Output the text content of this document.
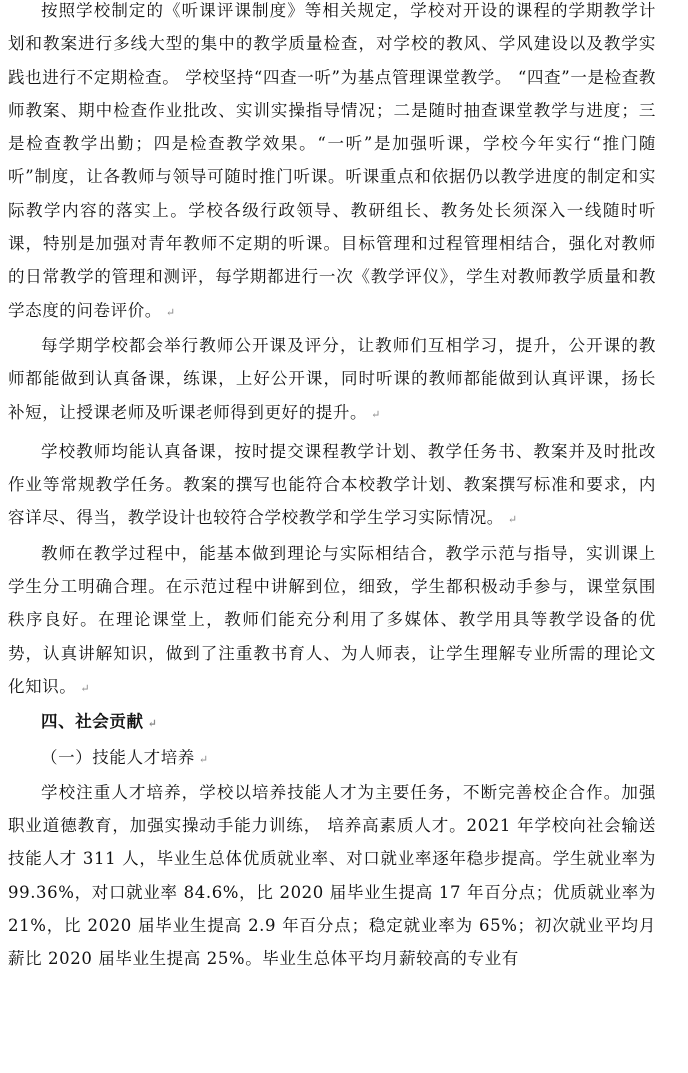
按照学校制定的《听课评课制度》等相关规定，学校对开设的课程的学期教学计划和教案进行多线大型的集中的教学质量检查，对学校的教风、学风建设以及教学实践也进行不定期检查。 学校坚持“四查一听”为基点管理课堂教学。 “四查”一是检查教师教案、期中检查作业批改、实训实操指导情况；二是随时抽查课堂教学与进度；三是检查教学出勤；四是检查教学效果。“一听”是加强听课，学校今年实行“推门随听”制度，让各教师与领导可随时推门听课。听课重点和依据仍以教学进度的制定和实际教学内容的落实上。学校各级行政领导、教研组长、教务处长须深入一线随时听课，特别是加强对青年教师不定期的听课。目标管理和过程管理相结合，强化对教师的日常教学的管理和测评，每学期都进行一次《教学评仪》，学生对教师教学质量和教学态度的问卷评价。 ↵

每学期学校都会举行教师公开课及评分，让教师们互相学习，提升，公开课的教师都能做到认真备课，练课，上好公开课，同时听课的教师都能做到认真评课，扬长补短，让授课老师及听课老师得到更好的提升。 ↵

学校教师均能认真备课，按时提交课程教学计划、教学任务书、教案并及时批改作业等常规教学任务。教案的撰写也能符合本校教学计划、教案撰写标准和要求，内容详尽、得当，教学设计也较符合学校教学和学生学习实际情况。 ↵

教师在教学过程中，能基本做到理论与实际相结合，教学示范与指导，实训课上学生分工明确合理。在示范过程中讲解到位，细致，学生都积极动手参与，课堂氛围秩序良好。在理论课堂上，教师们能充分利用了多媒体、教学用具等教学设备的优势，认真讲解知识，做到了注重教书育人、为人师表，让学生理解专业所需的理论文化知识。 ↵

四、社会贡献 ↵

（一）技能人才培养 ↵

学校注重人才培养，学校以培养技能人才为主要任务，不断完善校企合作。加强职业道德教育，加强实操动手能力训练， 培养高素质人才。2021 年学校向社会输送技能人才 311 人，毕业生总体优质就业率、对口就业率逐年稳步提高。学生就业率为 99.36%，对口就业率 84.6%，比 2020 届毕业生提高 17 年百分点；优质就业率为 21%，比 2020 届毕业生提高 2.9 年百分点；稳定就业率为 65%；初次就业平均月薪比 2020 届毕业生提高 25%。毕业生总体平均月薪较高的专业有
